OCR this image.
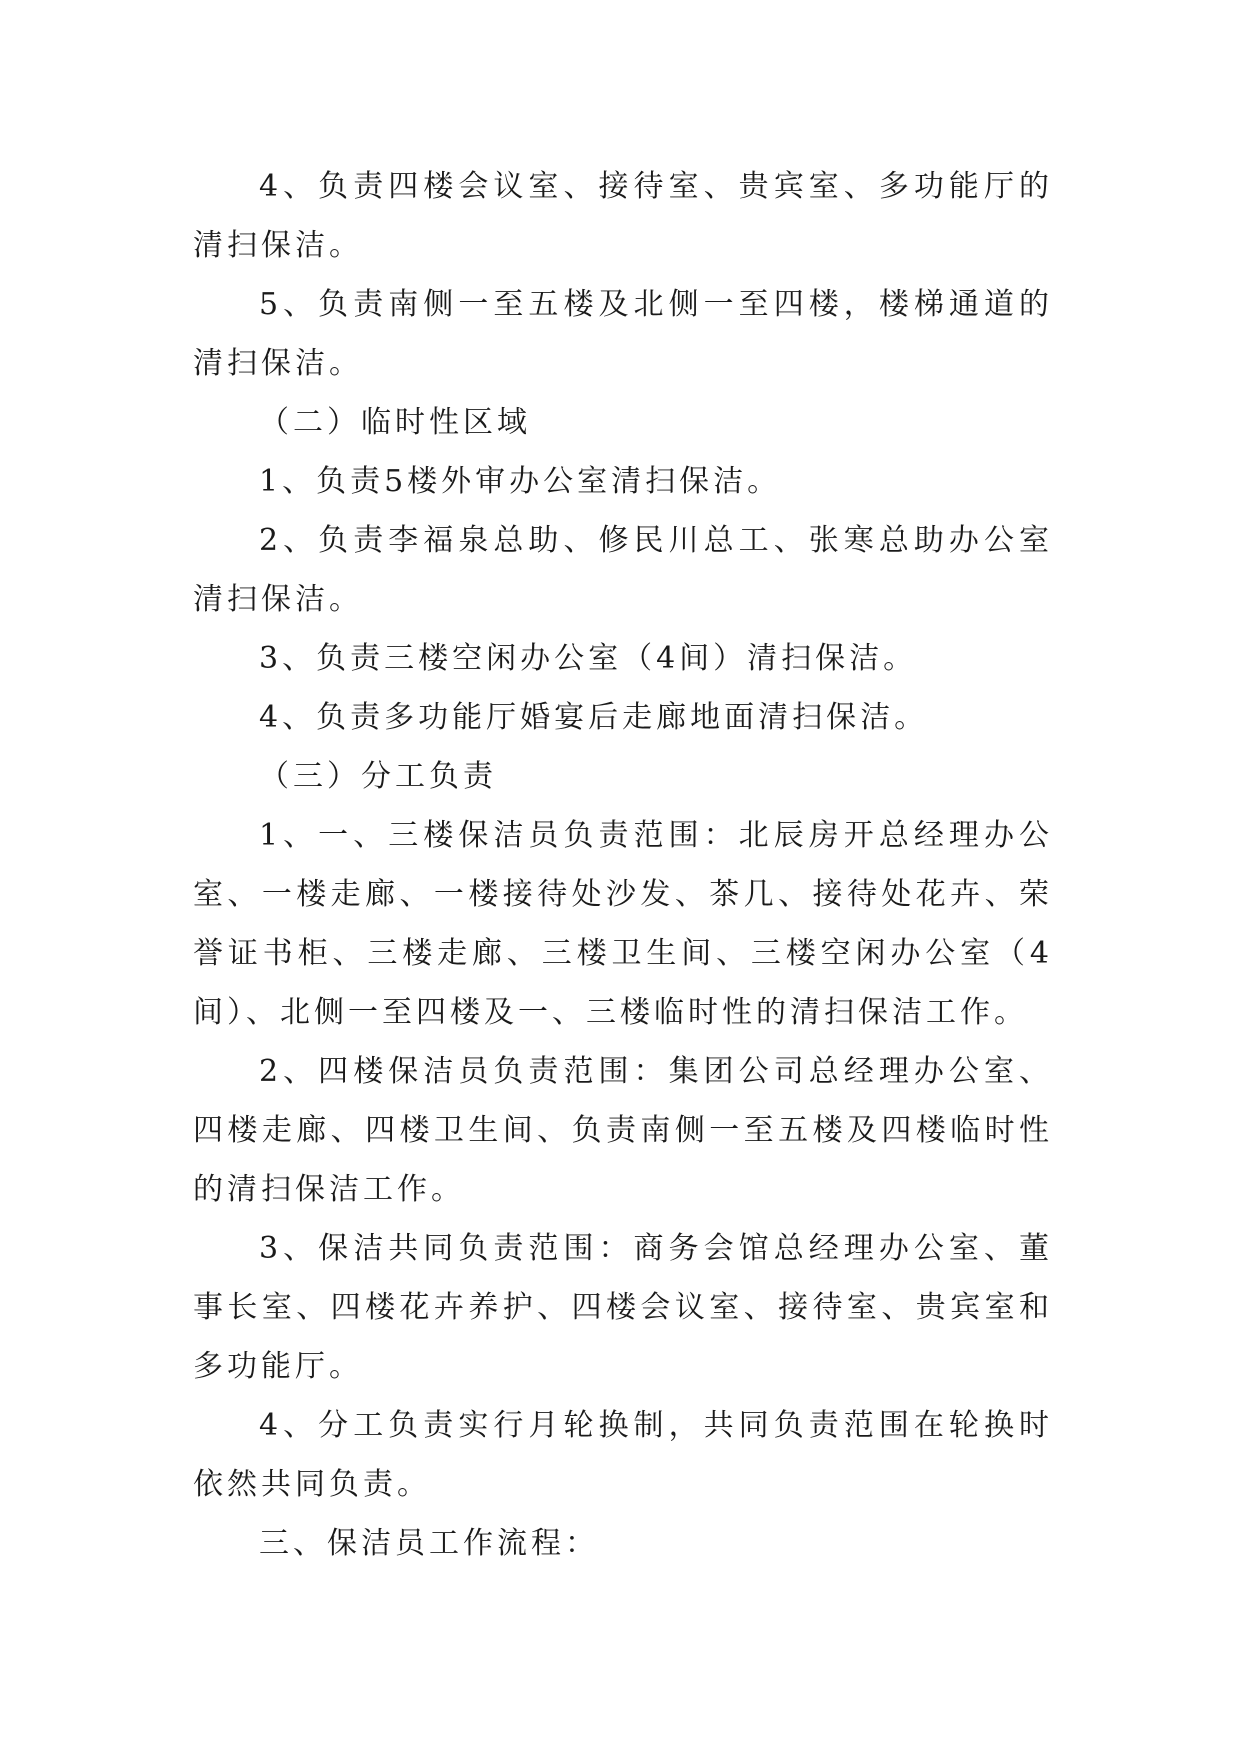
4、负责四楼会议室、接待室、贵宾室、多功能厅的清扫保洁。

5、负责南侧一至五楼及北侧一至四楼，楼梯通道的清扫保洁。

（二）临时性区域

1、负责5楼外审办公室清扫保洁。

2、负责李福泉总助、修民川总工、张寒总助办公室清扫保洁。

3、负责三楼空闲办公室（4间）清扫保洁。

4、负责多功能厅婚宴后走廊地面清扫保洁。

（三）分工负责

1、一、三楼保洁员负责范围：北辰房开总经理办公室、一楼走廊、一楼接待处沙发、茶几、接待处花卉、荣誉证书柜、三楼走廊、三楼卫生间、三楼空闲办公室（4间）、北侧一至四楼及一、三楼临时性的清扫保洁工作。

2、四楼保洁员负责范围：集团公司总经理办公室、四楼走廊、四楼卫生间、负责南侧一至五楼及四楼临时性的清扫保洁工作。

3、保洁共同负责范围：商务会馆总经理办公室、董事长室、四楼花卉养护、四楼会议室、接待室、贵宾室和多功能厅。

4、分工负责实行月轮换制，共同负责范围在轮换时依然共同负责。

三、保洁员工作流程：
